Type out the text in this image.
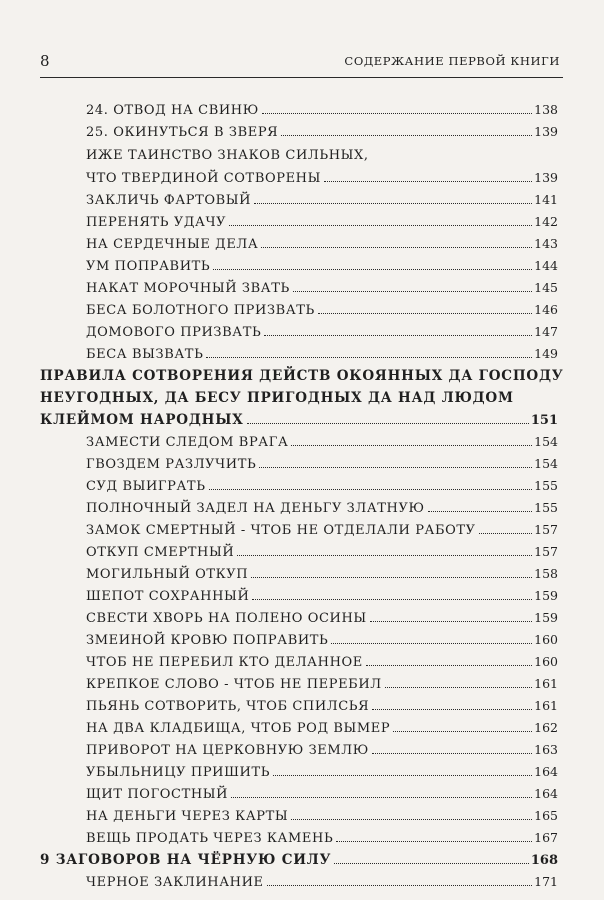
8	СОДЕРЖАНИЕ ПЕРВОЙ КНИГИ
24. ОТВОД НА СВИНЮ	138
25. ОКИНУТЬСЯ В ЗВЕРЯ	139
ИЖЕ ТАИНСТВО ЗНАКОВ СИЛЬНЫХ,
ЧТО ТВЕРДИНОЙ СОТВОРЕНЫ	139
ЗАКЛИЧЬ ФАРТОВЫЙ	141
ПЕРЕНЯТЬ УДАЧУ	142
НА СЕРДЕЧНЫЕ ДЕЛА	143
УМ ПОПРАВИТЬ	144
НАКАТ МОРОЧНЫЙ ЗВАТЬ	145
БЕСА БОЛОТНОГО ПРИЗВАТЬ	146
ДОМОВОГО ПРИЗВАТЬ	147
БЕСА ВЫЗВАТЬ	149
ПРАВИЛА СОТВОРЕНИЯ ДЕЙСТВ ОКОЯННЫХ ДА ГОСПОДУ
НЕУГОДНЫХ, ДА БЕСУ ПРИГОДНЫХ ДА НАД ЛЮДОМ
КЛЕЙМОМ НАРОДНЫХ	151
ЗАМЕСТИ СЛЕДОМ ВРАГА	154
ГВОЗДЕМ РАЗЛУЧИТЬ	154
СУД ВЫИГРАТЬ	155
ПОЛНОЧНЫЙ ЗАДЕЛ НА ДЕНЬГУ ЗЛАТНУЮ	155
ЗАМОК СМЕРТНЫЙ - ЧТОБ НЕ ОТДЕЛАЛИ РАБОТУ	157
ОТКУП СМЕРТНЫЙ	157
МОГИЛЬНЫЙ ОТКУП	158
ШЕПОТ СОХРАННЫЙ	159
СВЕСТИ ХВОРЬ НА ПОЛЕНО ОСИНЫ	159
ЗМЕИНОЙ КРОВЮ ПОПРАВИТЬ	160
ЧТОБ НЕ ПЕРЕБИЛ КТО ДЕЛАННОЕ	160
КРЕПКОЕ СЛОВО - ЧТОБ НЕ ПЕРЕБИЛ	161
ПЬЯНЬ СОТВОРИТЬ, ЧТОБ СПИЛСЬЯ	161
НА ДВА КЛАДБИЩА, ЧТОБ РОД ВЫМЕР	162
ПРИВОРОТ НА ЦЕРКОВНУЮ ЗЕМЛЮ	163
УБЫЛЬНИЦУ ПРИШИТЬ	164
ЩИТ ПОГОСТНЫЙ	164
НА ДЕНЬГИ ЧЕРЕЗ КАРТЫ	165
ВЕЩЬ ПРОДАТЬ ЧЕРЕЗ КАМЕНЬ	167
9 ЗАГОВОРОВ НА ЧЁРНУЮ СИЛУ	168
ЧЕРНОЕ ЗАКЛИНАНИЕ	171
